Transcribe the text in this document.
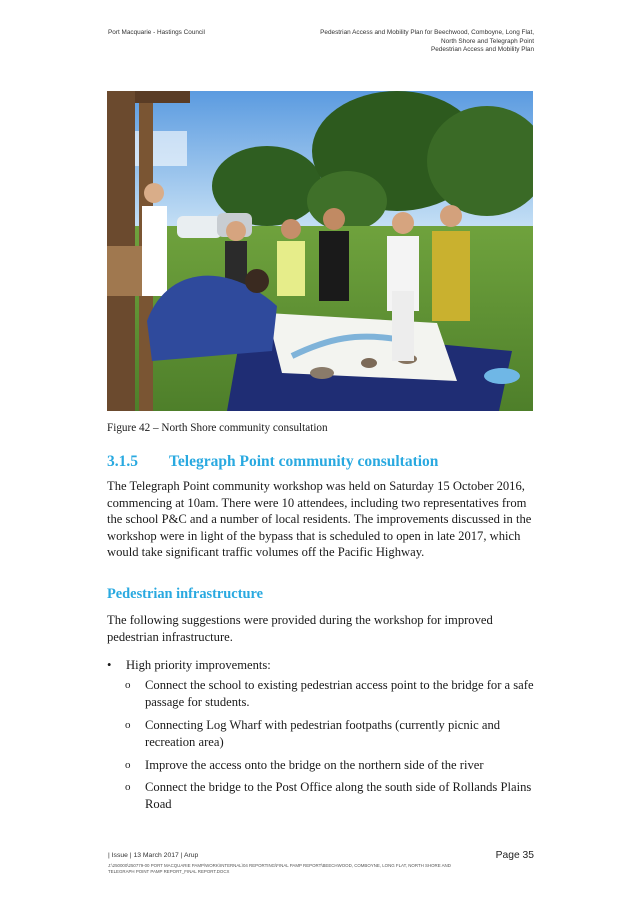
Port Macquarie - Hastings Council	Pedestrian Access and Mobility Plan for Beechwood, Comboyne, Long Flat,
North Shore and Telegraph Point
Pedestrian Access and Mobility Plan
Figure 42 – North Shore community consultation
3.1.5 Telegraph Point community consultation
The Telegraph Point community workshop was held on Saturday 15 October 2016, commencing at 10am. There were 10 attendees, including two representatives from the school P&C and a number of local residents. The improvements discussed in the workshop were in light of the bypass that is scheduled to open in late 2017, which would take significant traffic volumes off the Pacific Highway.
Pedestrian infrastructure
The following suggestions were provided during the workshop for improved pedestrian infrastructure.
• High priority improvements:
o Connect the school to existing pedestrian access point to the bridge for a safe passage for students.
o Connecting Log Wharf with pedestrian footpaths (currently picnic and recreation area)
o Improve the access onto the bridge on the northern side of the river
o Connect the bridge to the Post Office along the south side of Rollands Plains Road
| Issue | 13 March 2017 | Arup	Page 35
J:\250000\250779-00 PORT MACQUARIE PAMP\WORK\INTERNAL\04 REPORTING\FINAL PAMP REPORT\BEECHWOOD, COMBOYNE, LONG FLAT, NORTH SHORE AND TELEGRAPH POINT PAMP REPORT_FINAL REPORT.DOCX
